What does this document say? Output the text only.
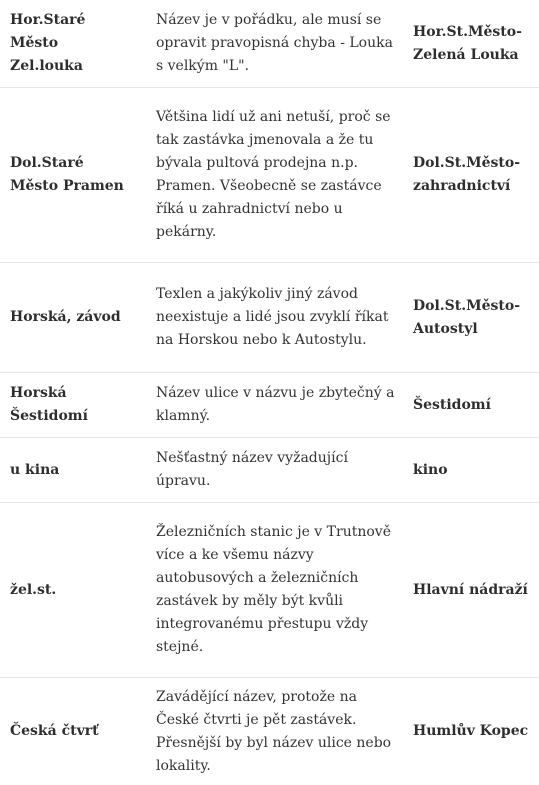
Hor.Staré Město Zel.louka	Název je v pořádku, ale musí se opravit pravopisná chyba - Louka s velkým "L".	Hor.St.Město-Zelená Louka
Dol.Staré Město Pramen	Většina lidí už ani netuší, proč se tak zastávka jmenovala a že tu bývala pultová prodejna n.p. Pramen. Všeobecně se zastávce říká u zahradnictví nebo u pekárny.	Dol.St.Město-zahradnictví
Horská, závod	Texlen a jakýkoliv jiný závod neexistuje a lidé jsou zvyklí říkat na Horskou nebo k Autostylu.	Dol.St.Město-Autostyl
Horská Šestidomí	Název ulice v názvu je zbytečný a klamný.	Šestidomí
u kina	Nešťastný název vyžadující úpravu.	kino
žel.st.	Železničních stanic je v Trutnově více a ke všemu názvy autobusových a železničních zastávek by měly být kvůli integrovanému přestupu vždy stejné.	Hlavní nádraží
Česká čtvrť	Zavádějící název, protože na České čtvrti je pět zastávek. Přesnější by byl název ulice nebo lokality.	Humlův Kopec
